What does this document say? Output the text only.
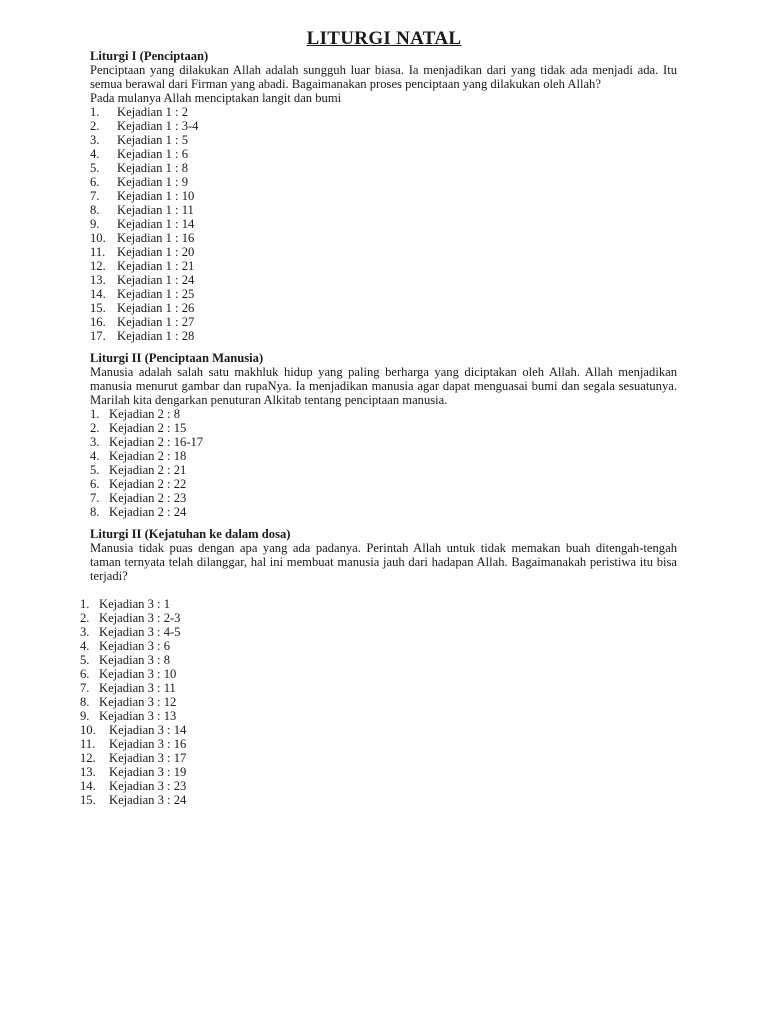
LITURGI NATAL
Liturgi I (Penciptaan)
Penciptaan yang dilakukan Allah adalah sungguh luar biasa. Ia menjadikan dari yang tidak ada menjadi ada. Itu semua berawal dari Firman yang abadi. Bagaimanakan proses penciptaan yang dilakukan oleh Allah?
Pada mulanya Allah menciptakan langit dan bumi
1.	Kejadian 1 : 2
2.	Kejadian 1 : 3-4
3.	Kejadian 1 : 5
4.	Kejadian 1 : 6
5.	Kejadian 1 : 8
6.	Kejadian 1 : 9
7.	Kejadian 1 : 10
8.	Kejadian 1 : 11
9.	Kejadian 1 : 14
10. Kejadian 1 : 16
11. Kejadian 1 : 20
12. Kejadian 1 : 21
13. Kejadian 1 : 24
14. Kejadian 1 : 25
15. Kejadian 1 : 26
16. Kejadian 1 : 27
17. Kejadian 1 : 28
Liturgi II (Penciptaan Manusia)
Manusia adalah salah satu makhluk hidup yang paling berharga yang diciptakan oleh Allah. Allah menjadikan manusia menurut gambar dan rupaNya. Ia menjadikan manusia agar dapat menguasai bumi dan segala sesuatunya. Marilah kita dengarkan penuturan Alkitab tentang penciptaan manusia.
1. Kejadian 2 : 8
2. Kejadian 2 : 15
3. Kejadian 2 : 16-17
4. Kejadian 2 : 18
5. Kejadian 2 : 21
6. Kejadian 2 : 22
7. Kejadian 2 : 23
8. Kejadian 2 : 24
Liturgi II (Kejatuhan ke dalam dosa)
Manusia tidak puas dengan apa yang ada padanya. Perintah Allah untuk tidak memakan buah ditengah-tengah taman ternyata telah dilanggar, hal ini membuat manusia jauh dari hadapan Allah. Bagaimanakah peristiwa itu bisa terjadi?
1. Kejadian 3 : 1
2. Kejadian 3 : 2-3
3. Kejadian 3 : 4-5
4. Kejadian 3 : 6
5. Kejadian 3 : 8
6. Kejadian 3 : 10
7. Kejadian 3 : 11
8. Kejadian 3 : 12
9. Kejadian 3 : 13
10.	Kejadian 3 : 14
11.	Kejadian 3 : 16
12.	Kejadian 3 : 17
13.	Kejadian 3 : 19
14.	Kejadian 3 : 23
15.	Kejadian 3 : 24
